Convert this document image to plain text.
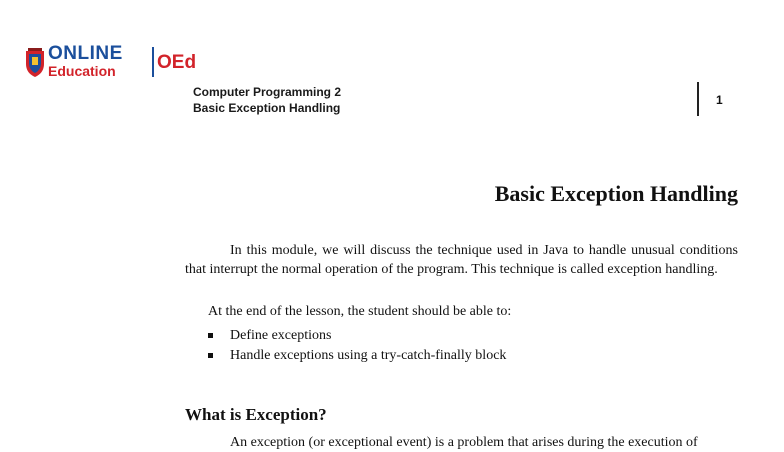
ONLINE
Education	OEd
Computer Programming 2
Basic Exception Handling
1
Basic Exception Handling

In this module, we will discuss the technique used in Java to handle unusual conditions that interrupt the normal operation of the program. This technique is called exception handling.

At the end of the lesson, the student should be able to:

Define exceptions
Handle exceptions using a try-catch-finally block
What is Exception?
An exception (or exceptional event) is a problem that arises during the execution of
